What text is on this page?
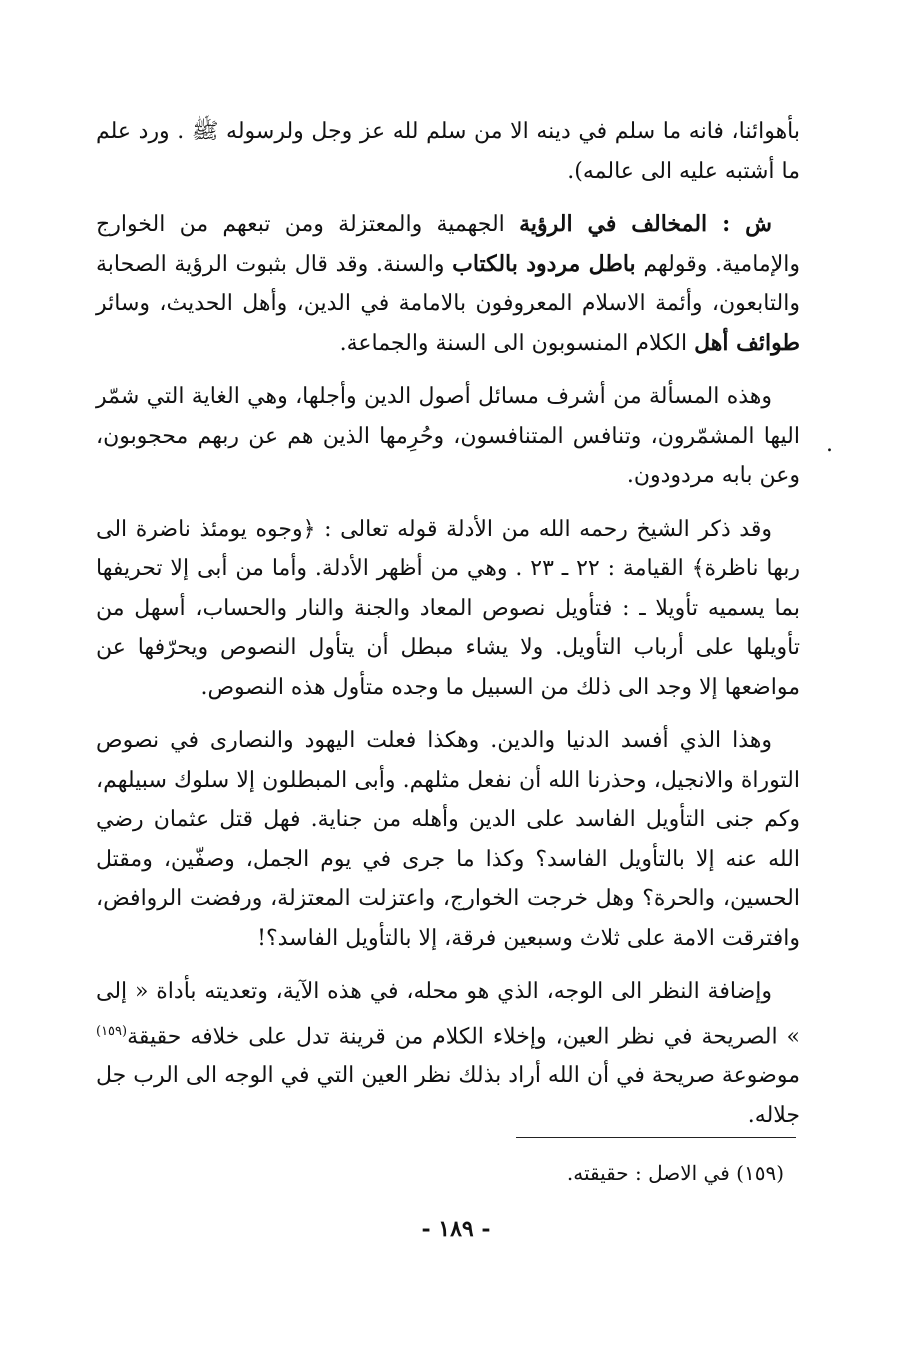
بأهوائنا، فانه ما سلم في دينه الا من سلم لله عز وجل ولرسوله ﷺ . ورد علم ما أشتبه عليه الى عالمه).

ش : المخالف في الرؤية الجهمية والمعتزلة ومن تبعهم من الخوارج والإمامية. وقولهم باطل مردود بالكتاب والسنة. وقد قال بثبوت الرؤية الصحابة والتابعون، وأئمة الاسلام المعروفون بالامامة في الدين، وأهل الحديث، وسائر طوائف أهل الكلام المنسوبون الى السنة والجماعة.

وهذه المسألة من أشرف مسائل أصول الدين وأجلها، وهي الغاية التي شمّر اليها المشمّرون، وتنافس المتنافسون، وحُرِمها الذين هم عن ربهم محجوبون، وعن بابه مردودون.

وقد ذكر الشيخ رحمه الله من الأدلة قوله تعالى : ﴿وجوه يومئذ ناضرة الى ربها ناظرة﴾ القيامة : ٢٢ ـ ٢٣ . وهي من أظهر الأدلة. وأما من أبى إلا تحريفها بما يسميه تأويلا ـ : فتأويل نصوص المعاد والجنة والنار والحساب، أسهل من تأويلها على أرباب التأويل. ولا يشاء مبطل أن يتأول النصوص ويحرّفها عن مواضعها إلا وجد الى ذلك من السبيل ما وجده متأول هذه النصوص.

وهذا الذي أفسد الدنيا والدين. وهكذا فعلت اليهود والنصارى في نصوص التوراة والانجيل، وحذرنا الله أن نفعل مثلهم. وأبى المبطلون إلا سلوك سبيلهم، وكم جنى التأويل الفاسد على الدين وأهله من جناية. فهل قتل عثمان رضي الله عنه إلا بالتأويل الفاسد؟ وكذا ما جرى في يوم الجمل، وصفّين، ومقتل الحسين، والحرة؟ وهل خرجت الخوارج، واعتزلت المعتزلة، ورفضت الروافض، وافترقت الامة على ثلاث وسبعين فرقة، إلا بالتأويل الفاسد؟!

وإضافة النظر الى الوجه، الذي هو محله، في هذه الآية، وتعديته بأداة « إلى » الصريحة في نظر العين، وإخلاء الكلام من قرينة تدل على خلافه حقيقة$^{(١٥٩)}$ موضوعة صريحة في أن الله أراد بذلك نظر العين التي في الوجه الى الرب جل جلاله.

.
(١٥٩) في الاصل : حقيقته.
- ١٨٩ -
